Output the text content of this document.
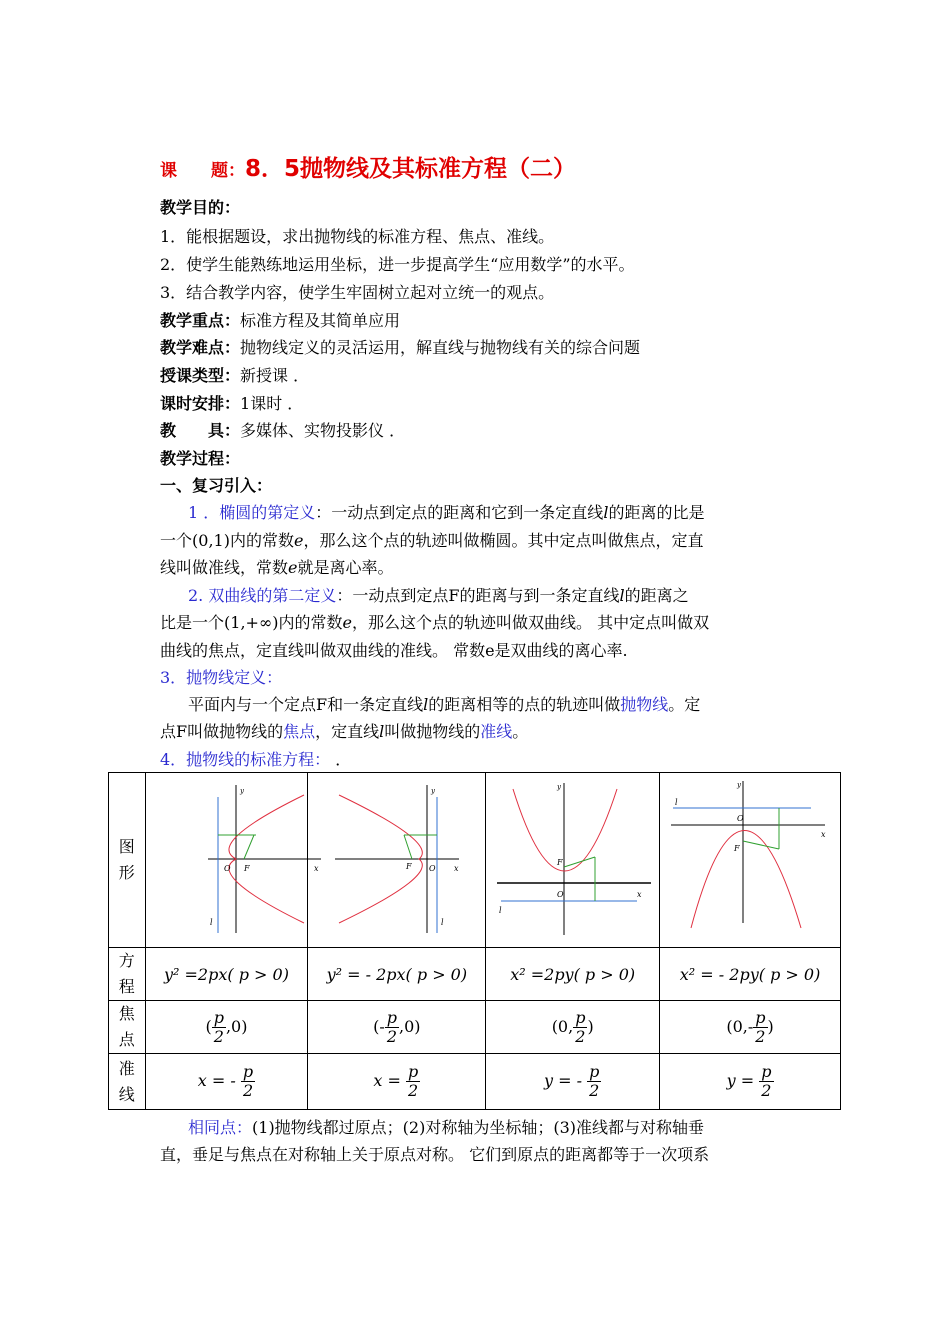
课 题：8．5抛物线及其标准方程（二）
教学目的：
1．能根据题设，求出抛物线的标准方程、焦点、准线。
2．使学生能熟练地运用坐标，进一步提高学生“应用数学”的水平。
3．结合教学内容，使学生牢固树立起对立统一的观点。
教学重点：标准方程及其简单应用
教学难点：抛物线定义的灵活运用，解直线与抛物线有关的综合问题
授课类型：新授课 ．
课时安排：1课时 ．
教 具：多媒体、实物投影仪 ．
教学过程：
一、复习引入：
1 ．椭圆的第定义：一动点到定点的距离和它到一条定直线l的距离的比是
一个(0,1)内的常数e，那么这个点的轨迹叫做椭圆。其中定点叫做焦点，定直
线叫做准线，常数e就是离心率。
2. 双曲线的第二定义：一动点到定点F的距离与到一条定直线l的距离之
比是一个(1,+∞)内的常数e，那么这个点的轨迹叫做双曲线。 其中定点叫做双
曲线的焦点，定直线叫做双曲线的准线。 常数e是双曲线的离心率.
3．抛物线定义：
平面内与一个定点F和一条定直线l的距离相等的点的轨迹叫做抛物线。定
点F叫做抛物线的焦点，定直线l叫做抛物线的准线。
4．抛物线的标准方程： ．
图形	y
O F x
l	y
O
F x
l	y
O
F
x
l	y
O
F
x
l

方程	y² =2px( p > 0)	y² = - 2px( p > 0)	x² =2py( p > 0)	x² = - 2py( p > 0)
焦点	( $\frac{p}{2} ,0$)	(- $\frac{p}{2} ,0$)	(0, $\frac{p}{2}$ )	($0,- \frac{p}{2}$ )
准线	x = - $\frac{p}{2}$	$x = \frac{p}{2}$	y = - $\frac{p}{2}$	$y = \frac{p}{2}$
相同点：(1)抛物线都过原点；(2)对称轴为坐标轴；(3)准线都与对称轴垂
直，垂足与焦点在对称轴上关于原点对称。 它们到原点的距离都等于一次项系
